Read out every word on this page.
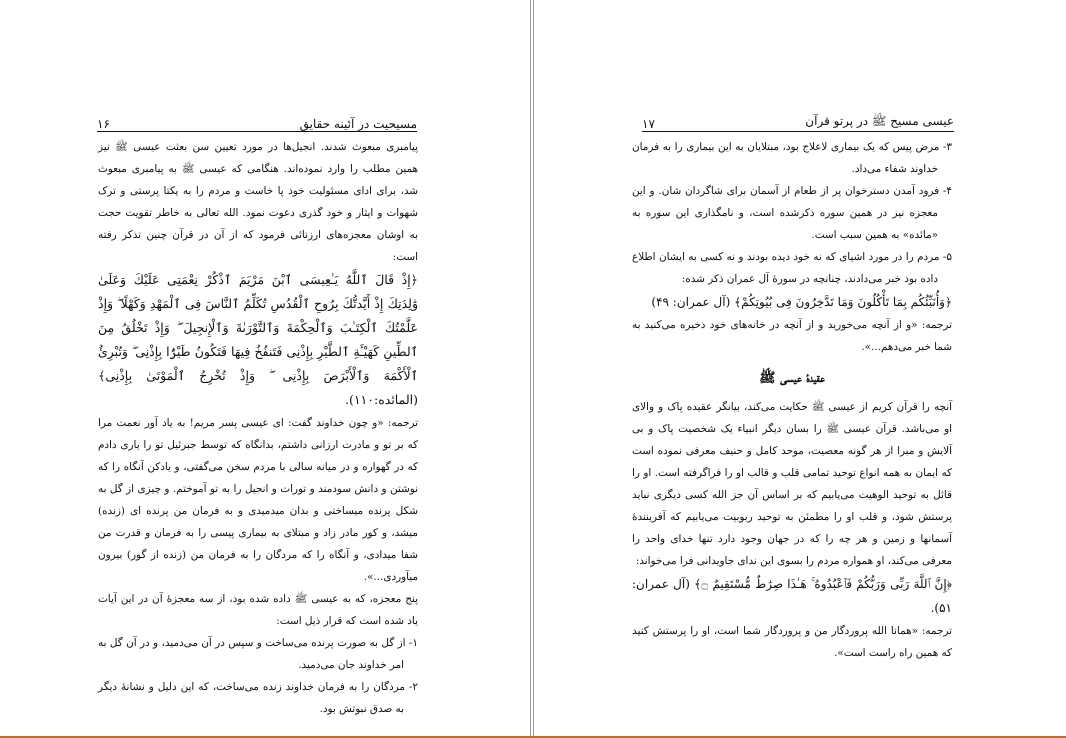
مسیحیت در آئینه حقایق
۱۶

پیامبری مبعوث شدند. انجیل‌ها در مورد تعیین سن بعثت عیسی ﷺ نیز همین مطلب را وارد نموده‌اند. هنگامی که عیسی ﷺ به پیامبری مبعوث شد، برای ادای مسئولیت خود پا خاست و مردم را به یکتا پرستی و ترک شهوات و ایثار و خود گذری دعوت نمود. الله تعالی به خاطر تقویت حجت به اوشان معجزه‌های ارزنائی فرمود که از آن در قرآن چنین تذکر رفته است:

﴿إِذْ قَالَ ٱللَّهُ يَـٰعِيسَى ٱبْنَ مَرْيَمَ ٱذْكُرْ نِعْمَتِى عَلَيْكَ وَعَلَىٰ وَٰلِدَتِكَ إِذْ أَيَّدتُّكَ بِرُوحِ ٱلْقُدُسِ تُكَلِّمُ ٱلنَّاسَ فِى ٱلْمَهْدِ وَكَهْلًا ۖ وَإِذْ عَلَّمْتُكَ ٱلْكِتَـٰبَ وَٱلْحِكْمَةَ وَٱلتَّوْرَىٰةَ وَٱلْإِنجِيلَ ۖ وَإِذْ تَخْلُقُ مِنَ ٱلطِّينِ كَهَيْـَٔةِ ٱلطَّيْرِ بِإِذْنِى فَتَنفُخُ فِيهَا فَتَكُونُ طَيْرًۢا بِإِذْنِى ۖ وَتُبْرِئُ ٱلْأَكْمَهَ وَٱلْأَبْرَصَ بِإِذْنِى ۖ وَإِذْ تُخْرِجُ ٱلْمَوْتَىٰ بِإِذْنِى﴾ (المائده:۱۱۰).

ترجمه: «و چون خداوند گفت: ای عیسی پسر مریم! به یاد آور نعمت مرا که بر تو و مادرت ارزانی داشتم، بدانگاه که توسط جبرئیل تو را یاری دادم که در گهواره و در میانه سالی با مردم سخن می‌گفتی، و یادکن آنگاه را که نوشتن و دانش سودمند و تورات و انجیل را به تو آموختم. و چیزی از گل به شکل پرنده میساختی و بدان میدمیدی و به فرمان من پرنده ای (زنده) میشد، و کور مادر زاد و مبتلای به بیماری پیسی را به فرمان و قدرت من شفا میدادی، و آنگاه را که مردگان را به فرمان من (زنده از گور) بیرون میآوردی...».

پنج معجزه، که به عیسی ﷺ داده شده بود، از سه معجزهٔ آن در این آیات یاد شده است که قرار ذیل است:

۱- از گل به صورت پرنده می‌ساخت و سپس در آن می‌دمید، و در آن گل به امر خداوند جان می‌دمید.

۲- مردگان را به فرمان خداوند زنده می‌ساخت، که این دلیل و نشانهٔ دیگر به صدق نبوتش بود.

عیسی مسیح ﷺ در پرتو قرآن
۱۷

۳- مرض پیس که یک بیماری لاعلاج بود، مبتلایان به این بیماری را به فرمان خداوند شفاء می‌داد.

۴- فرود آمدن دسترخوان پر از طعام از آسمان برای شاگردان شان. و این معجزه نیز در همین سوره ذکرشده است، و نامگذاری این سوره به «مائده» به همین سبب است.

۵- مردم را در مورد اشیای که نه خود دیده بودند و نه کسی به ایشان اطلاع داده بود خبر می‌دادند، چنانچه در سورهٔ آل عمران ذکر شده:

﴿وَأُنَبِّئُكُم بِمَا تَأْكُلُونَ وَمَا تَدَّخِرُونَ فِى بُيُوتِكُمْ﴾ (آل عمران: ۴۹)

ترجمه: «و از آنچه می‌خورید و از آنچه در خانه‌های خود ذخیره می‌کنید به شما خبر می‌دهم...».

عقیدهٔ عیسی ﷺ

آنچه را قرآن کریم از عیسی ﷺ حکایت می‌کند، بیانگر عقیده پاک و والای او می‌باشد. قرآن عیسی ﷺ را بسان دیگر انبیاء یک شخصیت پاک و بی آلایش و مبرا از هر گونه معصیت، موحد کامل و حنیف معرفی نموده است که ایمان به همه انواع توحید تمامی قلب و قالب او را فراگرفته است. او را قائل به توحید الوهیت می‌یابیم که بر اساس آن جز الله کسی دیگری نباید پرستش شود، و قلب او را مطمئن به توحید ربوبیت می‌یابیم که آفرینندهٔ آسمانها و زمین و هر چه را که در جهان وجود دارد تنها خدای واحد را معرفی می‌کند، او همواره مردم را بسوی این ندای جاویدانی فرا می‌خواند:

﴿إِنَّ ٱللَّهَ رَبِّى وَرَبُّكُمْ فَٱعْبُدُوهُ ۚ هَـٰذَا صِرَٰطٌ مُّسْتَقِيمٌ ۝﴾ (آل عمران: ۵۱).

ترجمه: «همانا الله پروردگار من و پروردگار شما است، او را پرستش کنید که همین راه راست است».
